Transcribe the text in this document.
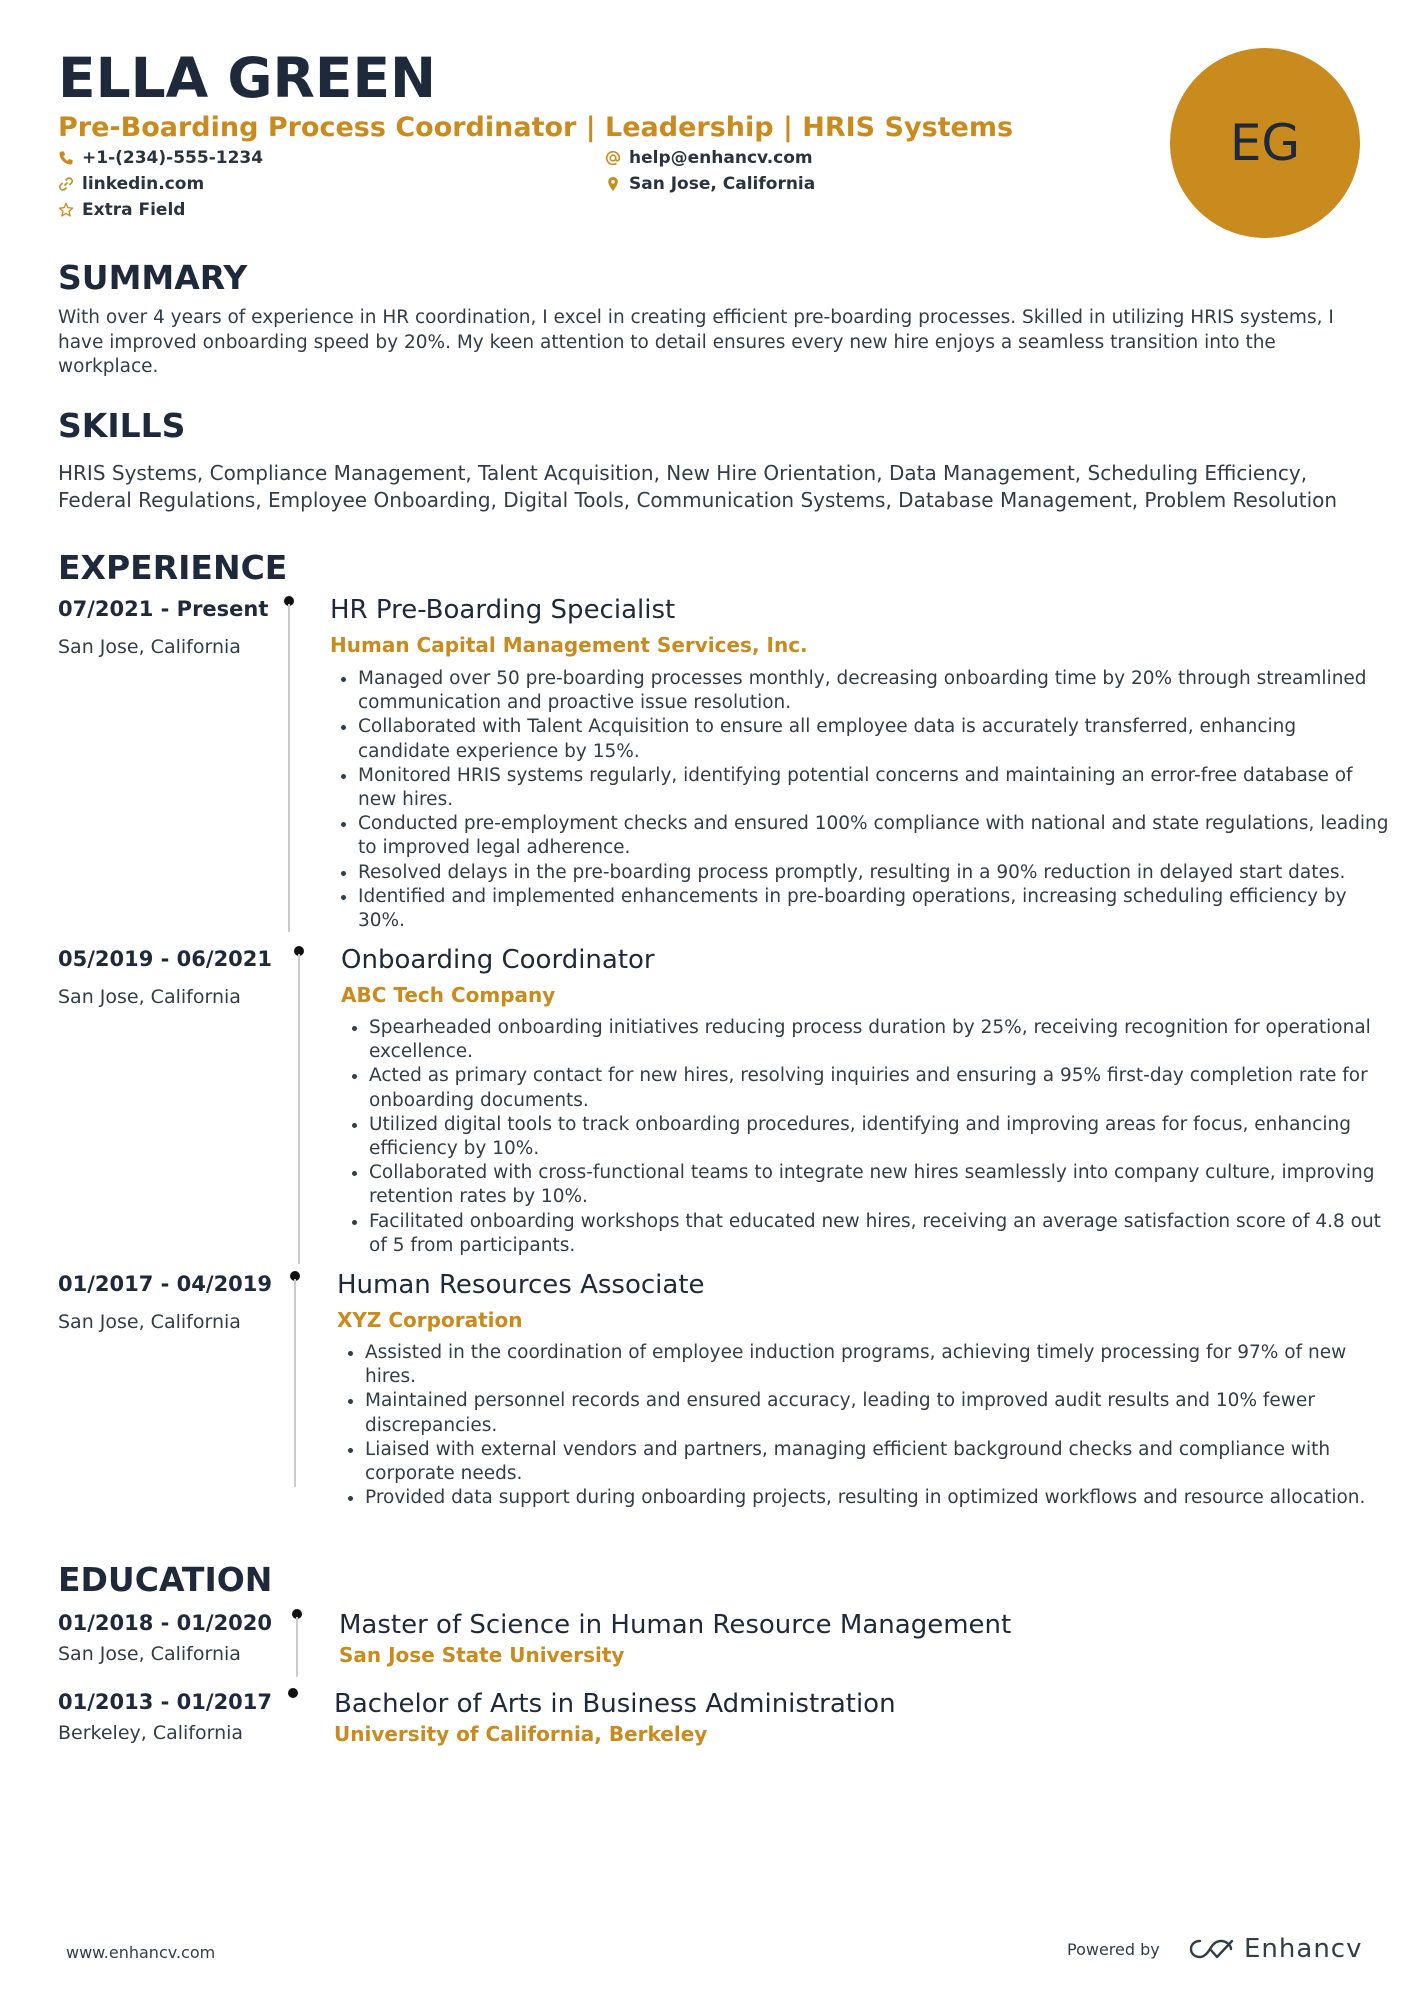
ELLA GREEN
Pre-Boarding Process Coordinator | Leadership | HRIS Systems
+1-(234)-555-1234	help@enhancv.com
linkedin.com	San Jose, California
Extra Field
EG
SUMMARY
With over 4 years of experience in HR coordination, I excel in creating efficient pre-boarding processes. Skilled in utilizing HRIS systems, I have improved onboarding speed by 20%. My keen attention to detail ensures every new hire enjoys a seamless transition into the workplace.
SKILLS
HRIS Systems, Compliance Management, Talent Acquisition, New Hire Orientation, Data Management, Scheduling Efficiency, Federal Regulations, Employee Onboarding, Digital Tools, Communication Systems, Database Management, Problem Resolution
EXPERIENCE
07/2021 - Present
San Jose, California
HR Pre-Boarding Specialist
Human Capital Management Services, Inc.
• Managed over 50 pre-boarding processes monthly, decreasing onboarding time by 20% through streamlined communication and proactive issue resolution.
• Collaborated with Talent Acquisition to ensure all employee data is accurately transferred, enhancing candidate experience by 15%.
• Monitored HRIS systems regularly, identifying potential concerns and maintaining an error-free database of new hires.
• Conducted pre-employment checks and ensured 100% compliance with national and state regulations, leading to improved legal adherence.
• Resolved delays in the pre-boarding process promptly, resulting in a 90% reduction in delayed start dates.
• Identified and implemented enhancements in pre-boarding operations, increasing scheduling efficiency by 30%.
05/2019 - 06/2021
San Jose, California
Onboarding Coordinator
ABC Tech Company
• Spearheaded onboarding initiatives reducing process duration by 25%, receiving recognition for operational excellence.
• Acted as primary contact for new hires, resolving inquiries and ensuring a 95% first-day completion rate for onboarding documents.
• Utilized digital tools to track onboarding procedures, identifying and improving areas for focus, enhancing efficiency by 10%.
• Collaborated with cross-functional teams to integrate new hires seamlessly into company culture, improving retention rates by 10%.
• Facilitated onboarding workshops that educated new hires, receiving an average satisfaction score of 4.8 out of 5 from participants.
01/2017 - 04/2019
San Jose, California
Human Resources Associate
XYZ Corporation
• Assisted in the coordination of employee induction programs, achieving timely processing for 97% of new hires.
• Maintained personnel records and ensured accuracy, leading to improved audit results and 10% fewer discrepancies.
• Liaised with external vendors and partners, managing efficient background checks and compliance with corporate needs.
• Provided data support during onboarding projects, resulting in optimized workflows and resource allocation.
EDUCATION
01/2018 - 01/2020
San Jose, California
Master of Science in Human Resource Management
San Jose State University
01/2013 - 01/2017
Berkeley, California
Bachelor of Arts in Business Administration
University of California, Berkeley
www.enhancv.com	Powered by	Enhancv
